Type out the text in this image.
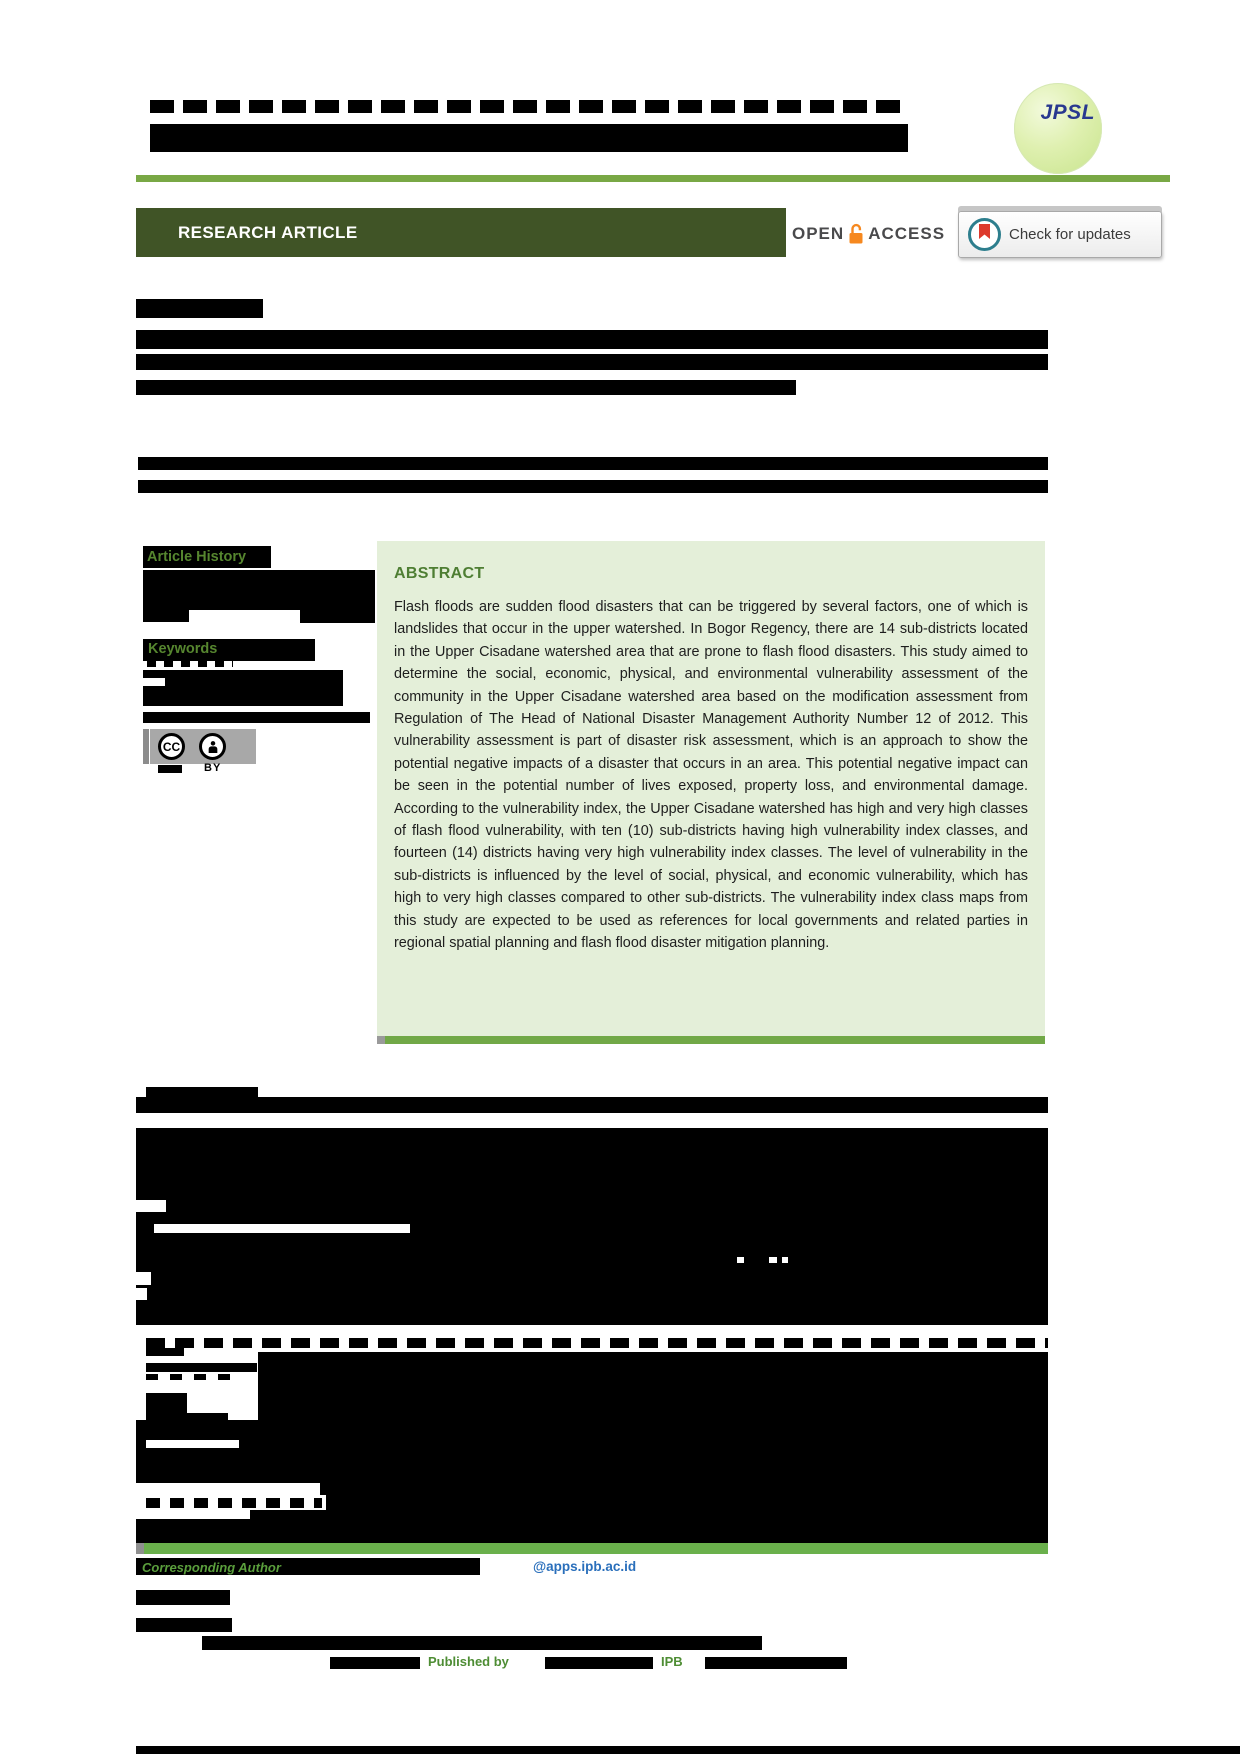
JPSL
RESEARCH ARTICLE	OPEN ACCESS	Check for updates
Article History
Keywords
CC
BY
ABSTRACT

Flash floods are sudden flood disasters that can be triggered by several factors, one of which is landslides that occur in the upper watershed. In Bogor Regency, there are 14 sub-districts located in the Upper Cisadane watershed area that are prone to flash flood disasters. This study aimed to determine the social, economic, physical, and environmental vulnerability assessment of the community in the Upper Cisadane watershed area based on the modification assessment from Regulation of The Head of National Disaster Management Authority Number 12 of 2012. This vulnerability assessment is part of disaster risk assessment, which is an approach to show the potential negative impacts of a disaster that occurs in an area. This potential negative impact can be seen in the potential number of lives exposed, property loss, and environmental damage. According to the vulnerability index, the Upper Cisadane watershed has high and very high classes of flash flood vulnerability, with ten (10) sub-districts having high vulnerability index classes, and fourteen (14) districts having very high vulnerability index classes. The level of vulnerability in the sub-districts is influenced by the level of social, physical, and economic vulnerability, which has high to very high classes compared to other sub-districts. The vulnerability index class maps from this study are expected to be used as references for local governments and related parties in regional spatial planning and flash flood disaster mitigation planning.

Corresponding Author	@apps.ipb.ac.id
Published by	IPB
